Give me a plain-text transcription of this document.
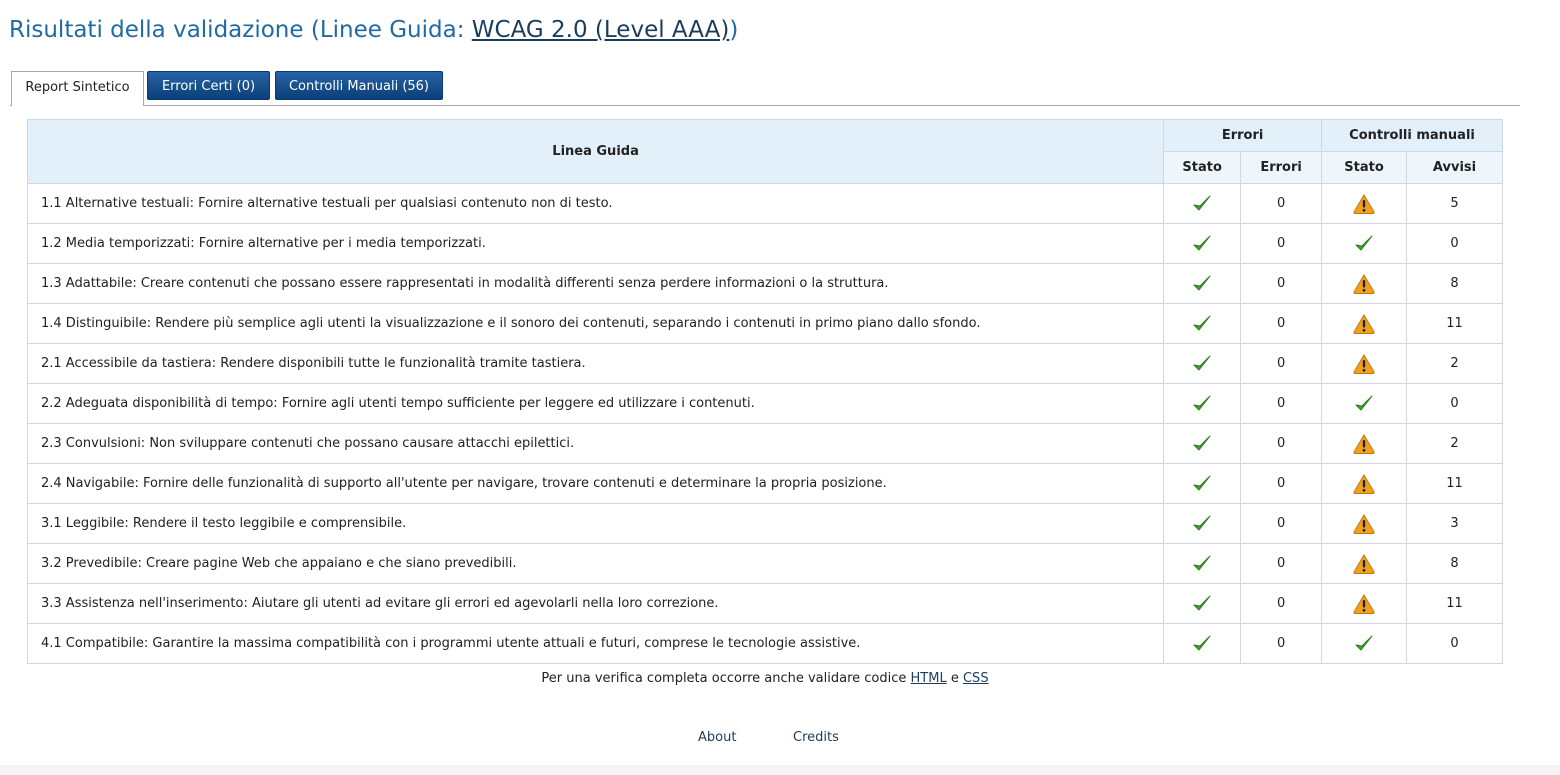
Risultati della validazione (Linee Guida: WCAG 2.0 (Level AAA))
Report Sintetico	Errori Certi (0)	Controlli Manuali (56)
Linea Guida	Errori		Controlli manuali	
	Stato	Errori	Stato	Avvisi
1.1 Alternative testuali: Fornire alternative testuali per qualsiasi contenuto non di testo.		0		5
1.2 Media temporizzati: Fornire alternative per i media temporizzati.		0		0
1.3 Adattabile: Creare contenuti che possano essere rappresentati in modalità differenti senza perdere informazioni o la struttura.		0		8
1.4 Distinguibile: Rendere più semplice agli utenti la visualizzazione e il sonoro dei contenuti, separando i contenuti in primo piano dallo sfondo.		0		11
2.1 Accessibile da tastiera: Rendere disponibili tutte le funzionalità tramite tastiera.		0		2
2.2 Adeguata disponibilità di tempo: Fornire agli utenti tempo sufficiente per leggere ed utilizzare i contenuti.		0		0
2.3 Convulsioni: Non sviluppare contenuti che possano causare attacchi epilettici.		0		2
2.4 Navigabile: Fornire delle funzionalità di supporto all'utente per navigare, trovare contenuti e determinare la propria posizione.		0		11
3.1 Leggibile: Rendere il testo leggibile e comprensibile.		0		3
3.2 Prevedibile: Creare pagine Web che appaiano e che siano prevedibili.		0		8
3.3 Assistenza nell'inserimento: Aiutare gli utenti ad evitare gli errori ed agevolarli nella loro correzione.		0		11
4.1 Compatibile: Garantire la massima compatibilità con i programmi utente attuali e futuri, comprese le tecnologie assistive.		0		0
Per una verifica completa occorre anche validare codice HTML e CSS
About	Credits
